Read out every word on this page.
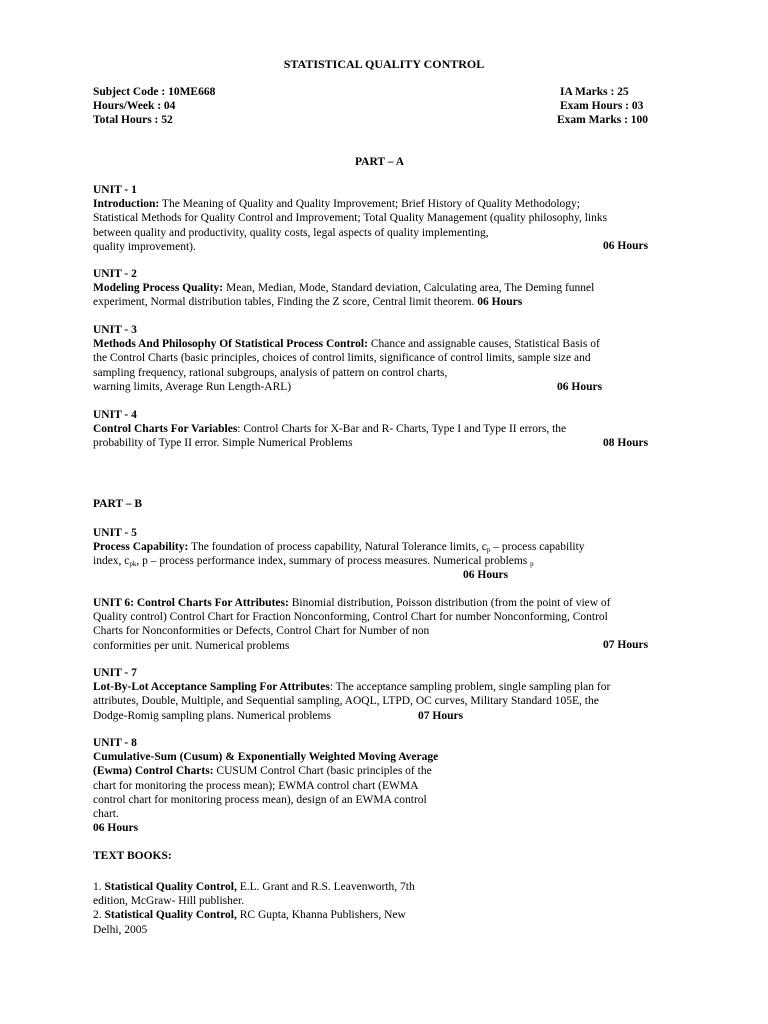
STATISTICAL QUALITY CONTROL
Subject Code : 10ME668
Hours/Week : 04
Total Hours : 52
IA Marks : 25
Exam Hours : 03
Exam Marks : 100
PART – A
UNIT - 1
Introduction: The Meaning of Quality and Quality Improvement; Brief History of Quality Methodology;
Statistical Methods for Quality Control and Improvement; Total Quality Management (quality philosophy, links
between quality and productivity, quality costs, legal aspects of quality implementing,
quality improvement).	06 Hours
UNIT - 2
Modeling Process Quality: Mean, Median, Mode, Standard deviation, Calculating area, The Deming funnel
experiment, Normal distribution tables, Finding the Z score, Central limit theorem. 06 Hours
UNIT - 3
Methods And Philosophy Of Statistical Process Control: Chance and assignable causes, Statistical Basis of
the Control Charts (basic principles, choices of control limits, significance of control limits, sample size and
sampling frequency, rational subgroups, analysis of pattern on control charts,
warning limits, Average Run Length-ARL)	06 Hours
UNIT - 4
Control Charts For Variables: Control Charts for X-Bar and R- Charts, Type I and Type II errors, the
probability of Type II error. Simple Numerical Problems	08 Hours
PART – B
UNIT - 5
Process Capability: The foundation of process capability, Natural Tolerance limits, $c_p$ – process capability
index, $c_{pk}$, p – process performance index, summary of process measures. Numerical problems $_p$
06 Hours
UNIT 6: Control Charts For Attributes: Binomial distribution, Poisson distribution (from the point of view of
Quality control) Control Chart for Fraction Nonconforming, Control Chart for number Nonconforming, Control
Charts for Nonconformities or Defects, Control Chart for Number of non
conformities per unit. Numerical problems	07 Hours
UNIT - 7
Lot-By-Lot Acceptance Sampling For Attributes: The acceptance sampling problem, single sampling plan for
attributes, Double, Multiple, and Sequential sampling, AOQL, LTPD, OC curves, Military Standard 105E, the
Dodge-Romig sampling plans. Numerical problems	07 Hours
UNIT - 8
Cumulative-Sum (Cusum) & Exponentially Weighted Moving Average
(Ewma) Control Charts: CUSUM Control Chart (basic principles of the
chart for monitoring the process mean); EWMA control chart (EWMA
control chart for monitoring process mean), design of an EWMA control
chart.
06 Hours
TEXT BOOKS:
1. Statistical Quality Control, E.L. Grant and R.S. Leavenworth, 7th
edition, McGraw- Hill publisher.
2. Statistical Quality Control, RC Gupta, Khanna Publishers, New
Delhi, 2005
